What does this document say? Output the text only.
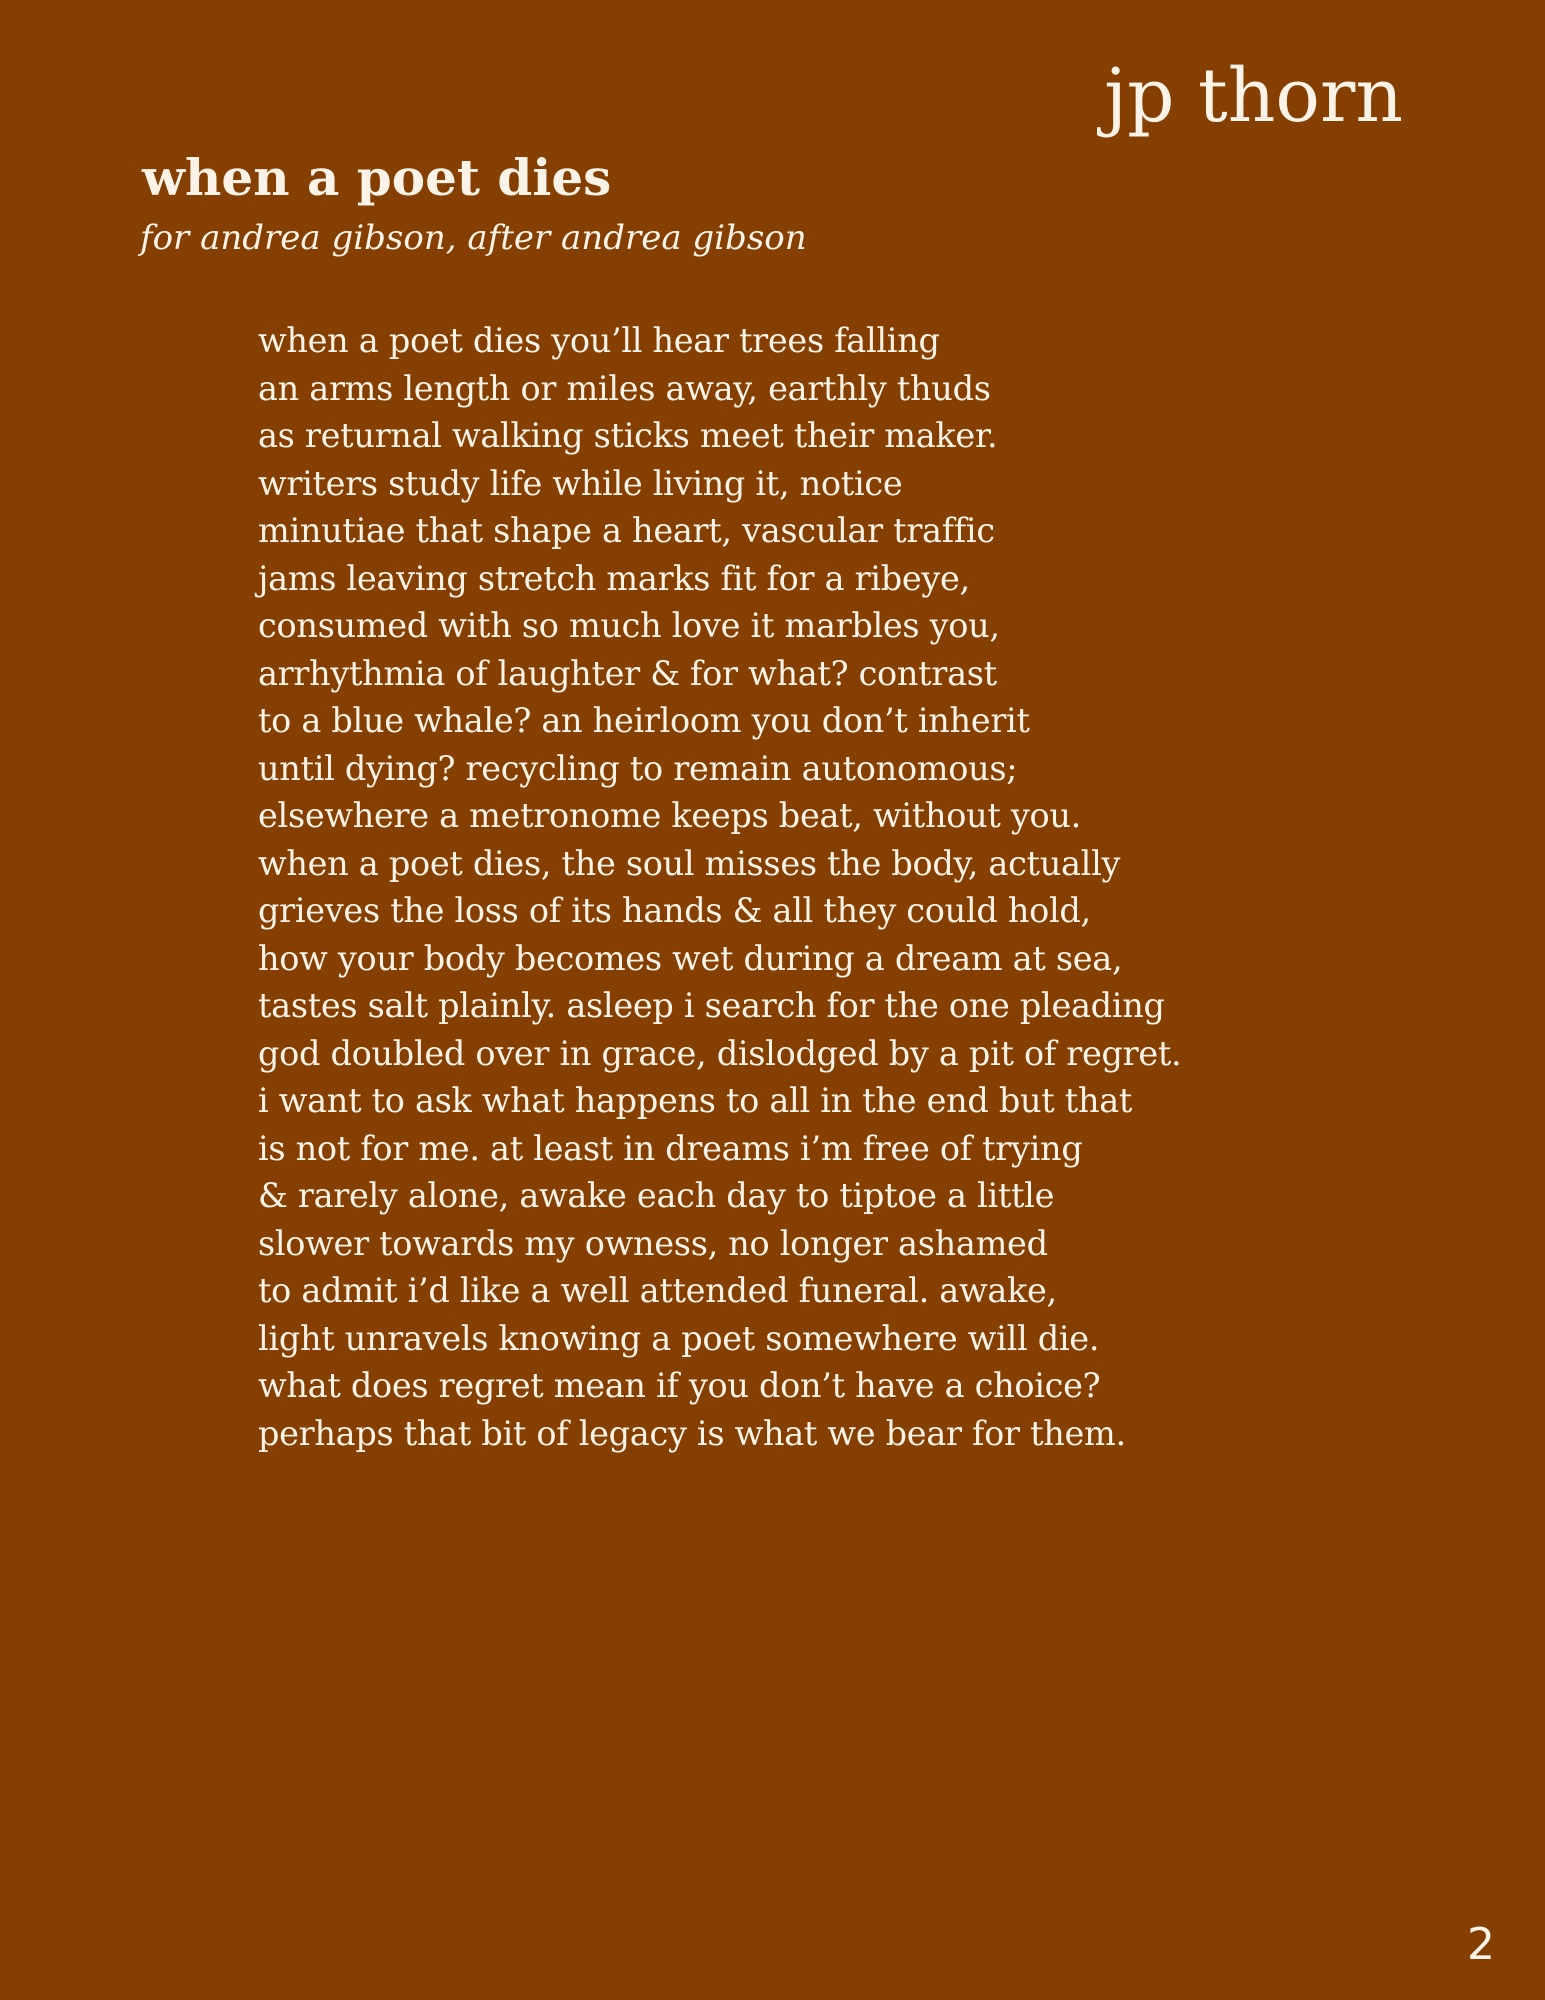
jp thorn
when a poet dies

for andrea gibson, after andrea gibson

when a poet dies you’ll hear trees falling
an arms length or miles away, earthly thuds
as returnal walking sticks meet their maker.
writers study life while living it, notice
minutiae that shape a heart, vascular traffic
jams leaving stretch marks fit for a ribeye,
consumed with so much love it marbles you,
arrhythmia of laughter & for what? contrast
to a blue whale? an heirloom you don’t inherit
until dying? recycling to remain autonomous;
elsewhere a metronome keeps beat, without you.
when a poet dies, the soul misses the body, actually
grieves the loss of its hands & all they could hold,
how your body becomes wet during a dream at sea,
tastes salt plainly. asleep i search for the one pleading
god doubled over in grace, dislodged by a pit of regret.
i want to ask what happens to all in the end but that
is not for me. at least in dreams i’m free of trying
& rarely alone, awake each day to tiptoe a little
slower towards my owness, no longer ashamed
to admit i’d like a well attended funeral. awake,
light unravels knowing a poet somewhere will die.
what does regret mean if you don’t have a choice?
perhaps that bit of legacy is what we bear for them.
2
